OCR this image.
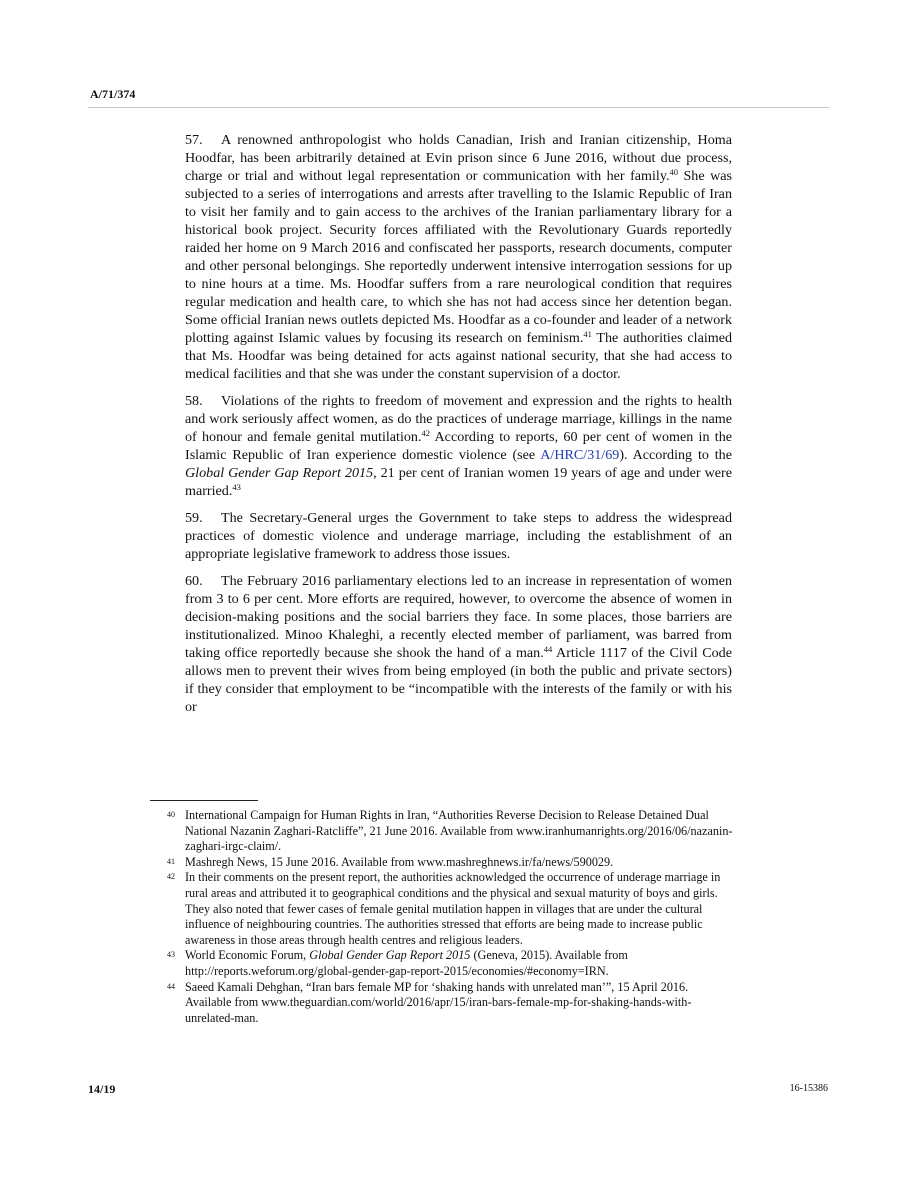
A/71/374

57. A renowned anthropologist who holds Canadian, Irish and Iranian citizenship, Homa Hoodfar, has been arbitrarily detained at Evin prison since 6 June 2016, without due process, charge or trial and without legal representation or communication with her family.$^{40}$ She was subjected to a series of interrogations and arrests after travelling to the Islamic Republic of Iran to visit her family and to gain access to the archives of the Iranian parliamentary library for a historical book project. Security forces affiliated with the Revolutionary Guards reportedly raided her home on 9 March 2016 and confiscated her passports, research documents, computer and other personal belongings. She reportedly underwent intensive interrogation sessions for up to nine hours at a time. Ms. Hoodfar suffers from a rare neurological condition that requires regular medication and health care, to which she has not had access since her detention began. Some official Iranian news outlets depicted Ms. Hoodfar as a co-founder and leader of a network plotting against Islamic values by focusing its research on feminism.$^{41}$ The authorities claimed that Ms. Hoodfar was being detained for acts against national security, that she had access to medical facilities and that she was under the constant supervision of a doctor.

58. Violations of the rights to freedom of movement and expression and the rights to health and work seriously affect women, as do the practices of underage marriage, killings in the name of honour and female genital mutilation.$^{42}$ According to reports, 60 per cent of women in the Islamic Republic of Iran experience domestic violence (see A/HRC/31/69). According to the Global Gender Gap Report 2015, 21 per cent of Iranian women 19 years of age and under were married.$^{43}$

59. The Secretary-General urges the Government to take steps to address the widespread practices of domestic violence and underage marriage, including the establishment of an appropriate legislative framework to address those issues.

60. The February 2016 parliamentary elections led to an increase in representation of women from 3 to 6 per cent. More efforts are required, however, to overcome the absence of women in decision-making positions and the social barriers they face. In some places, those barriers are institutionalized. Minoo Khaleghi, a recently elected member of parliament, was barred from taking office reportedly because she shook the hand of a man.$^{44}$ Article 1117 of the Civil Code allows men to prevent their wives from being employed (in both the public and private sectors) if they consider that employment to be “incompatible with the interests of the family or with his or

40 International Campaign for Human Rights in Iran, “Authorities Reverse Decision to Release Detained Dual National Nazanin Zaghari-Ratcliffe”, 21 June 2016. Available from www.iranhumanrights.org/2016/06/nazanin-zaghari-irgc-claim/.
41 Mashregh News, 15 June 2016. Available from www.mashreghnews.ir/fa/news/590029.
42 In their comments on the present report, the authorities acknowledged the occurrence of underage marriage in rural areas and attributed it to geographical conditions and the physical and sexual maturity of boys and girls. They also noted that fewer cases of female genital mutilation happen in villages that are under the cultural influence of neighbouring countries. The authorities stressed that efforts are being made to increase public awareness in those areas through health centres and religious leaders.
43 World Economic Forum, Global Gender Gap Report 2015 (Geneva, 2015). Available from http://reports.weforum.org/global-gender-gap-report-2015/economies/#economy=IRN.
44 Saeed Kamali Dehghan, “Iran bars female MP for ‘shaking hands with unrelated man’”, 15 April 2016. Available from www.theguardian.com/world/2016/apr/15/iran-bars-female-mp-for-shaking-hands-with-unrelated-man.
14/19	16-15386
